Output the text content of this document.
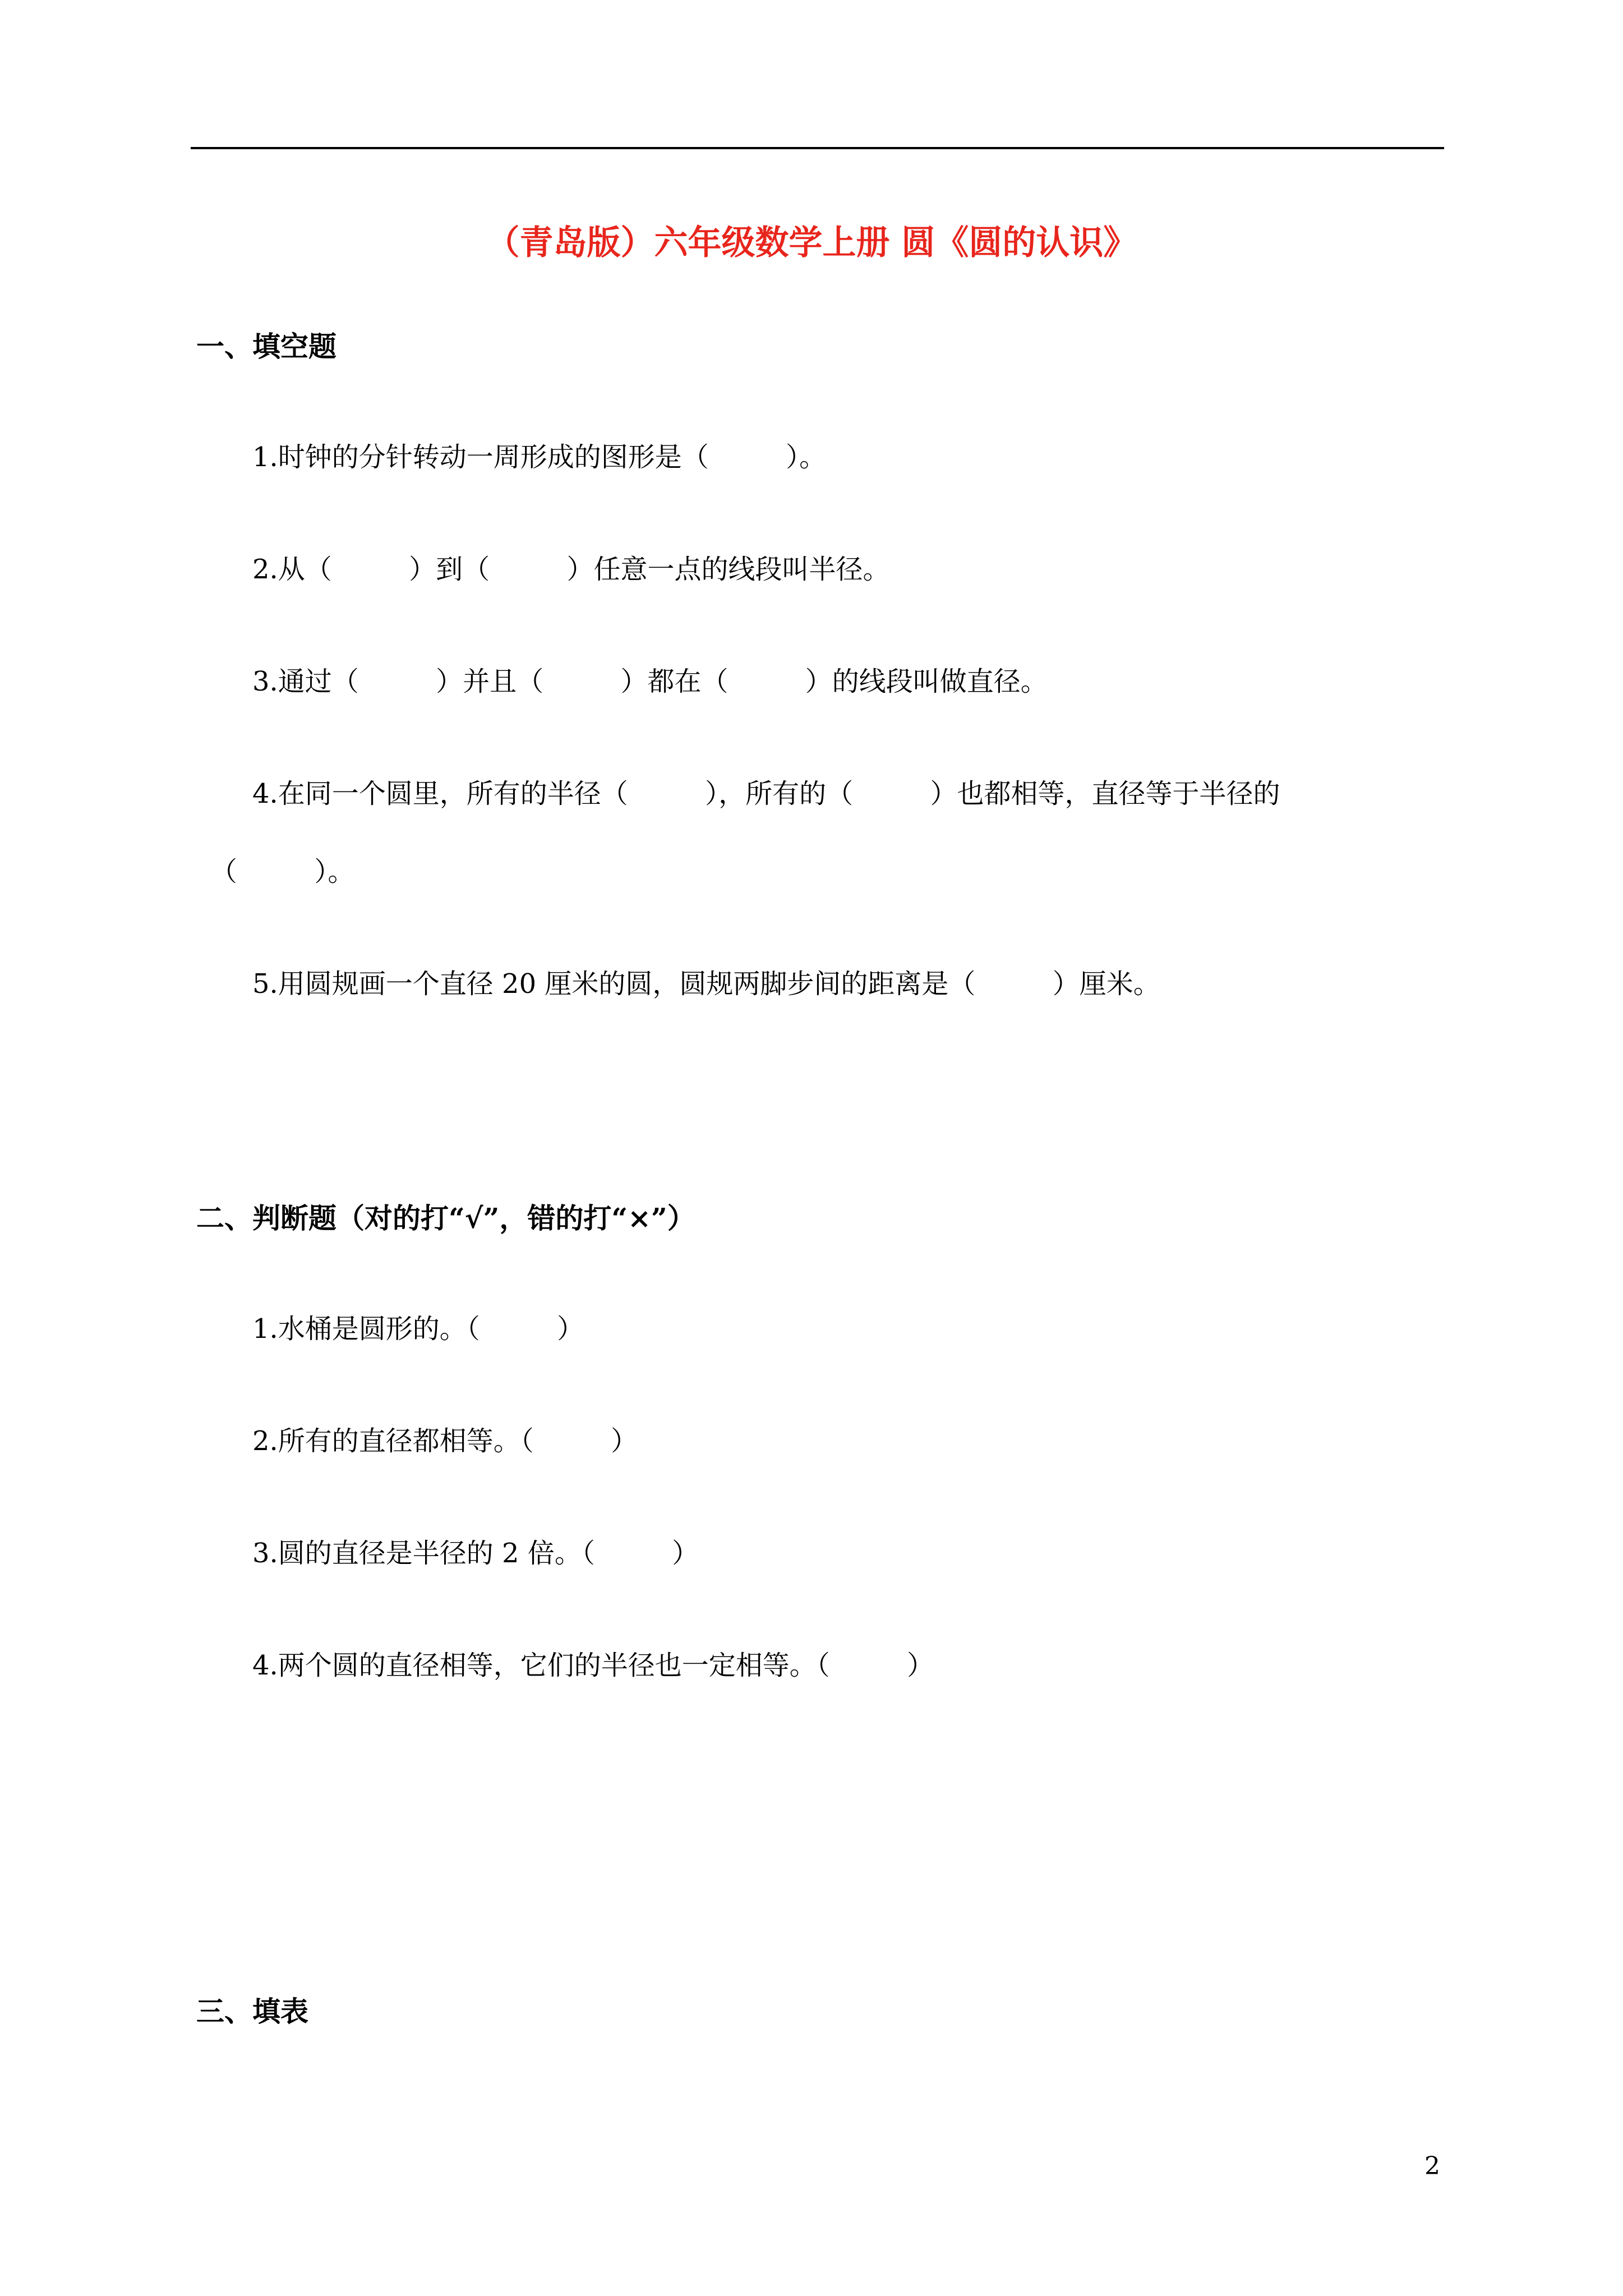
（青岛版）六年级数学上册 圆《圆的认识》
一、填空题
1.时钟的分针转动一周形成的图形是（         ）。
2.从（         ）到（         ）任意一点的线段叫半径。
3.通过（         ）并且（         ）都在（         ）的线段叫做直径。
4.在同一个圆里，所有的半径（         ），所有的（         ）也都相等，直径等于半径的
（         ）。
5.用圆规画一个直径 20 厘米的圆，圆规两脚步间的距离是（         ）厘米。
二、判断题（对的打“√”，错的打“×”）
1.水桶是圆形的。（         ）
2.所有的直径都相等。（         ）
3.圆的直径是半径的 2 倍。（         ）
4.两个圆的直径相等，它们的半径也一定相等。（         ）
三、填表
2
